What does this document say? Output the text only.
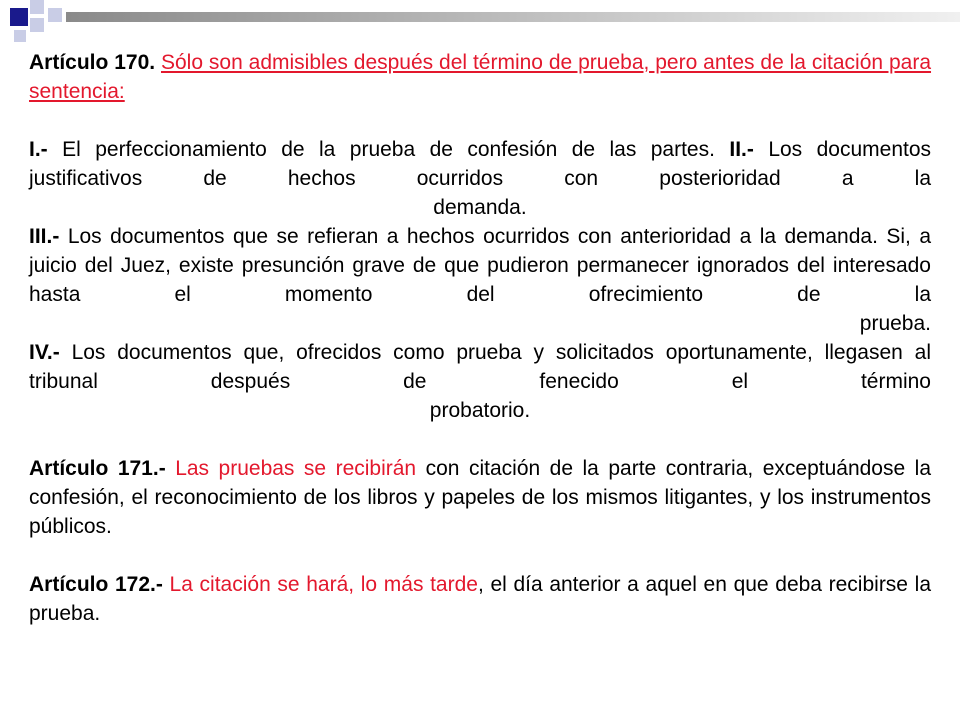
Artículo 170. Sólo son admisibles después del término de prueba, pero antes de la citación para sentencia:

I.- El perfeccionamiento de la prueba de confesión de las partes. II.- Los documentos justificativos de hechos ocurridos con posterioridad a la

demanda.

III.- Los documentos que se refieran a hechos ocurridos con anterioridad a la demanda. Si, a juicio del Juez, existe presunción grave de que pudieron permanecer ignorados del interesado hasta el momento del ofrecimiento de la

prueba.

IV.- Los documentos que, ofrecidos como prueba y solicitados oportunamente, llegasen al tribunal después de fenecido el término

probatorio.

Artículo 171.- Las pruebas se recibirán con citación de la parte contraria, exceptuándose la confesión, el reconocimiento de los libros y papeles de los mismos litigantes, y los instrumentos públicos.

Artículo 172.- La citación se hará, lo más tarde, el día anterior a aquel en que deba recibirse la prueba.
